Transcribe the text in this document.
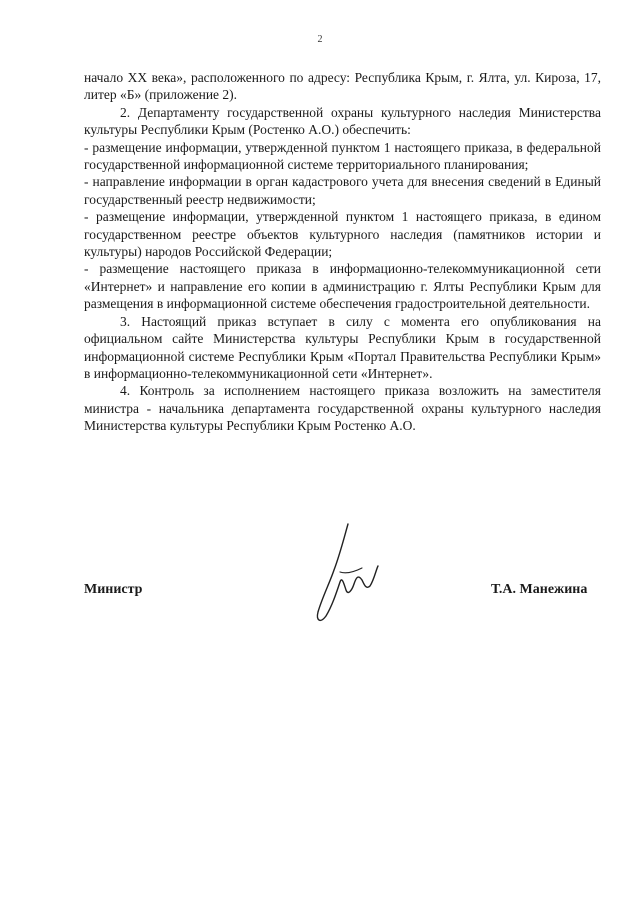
2

начало XX века», расположенного по адресу: Республика Крым, г. Ялта, ул. Кироза, 17, литер «Б» (приложение 2).

2. Департаменту государственной охраны культурного наследия Министерства культуры Республики Крым (Ростенко А.О.) обеспечить:

- размещение информации, утвержденной пунктом 1 настоящего приказа, в федеральной государственной информационной системе территориального планирования;

- направление информации в орган кадастрового учета для внесения сведений в Единый государственный реестр недвижимости;

- размещение информации, утвержденной пунктом 1 настоящего приказа, в едином государственном реестре объектов культурного наследия (памятников истории и культуры) народов Российской Федерации;

- размещение настоящего приказа в информационно-телекоммуникационной сети «Интернет» и направление его копии в администрацию г. Ялты Республики Крым для размещения в информационной системе обеспечения градостроительной деятельности.

3. Настоящий приказ вступает в силу с момента его опубликования на официальном сайте Министерства культуры Республики Крым в государственной информационной системе Республики Крым «Портал Правительства Республики Крым» в информационно-телекоммуникационной сети «Интернет».

4. Контроль за исполнением настоящего приказа возложить на заместителя министра - начальника департамента государственной охраны культурного наследия Министерства культуры Республики Крым Ростенко А.О.

Министр	Т.А. Манежина
